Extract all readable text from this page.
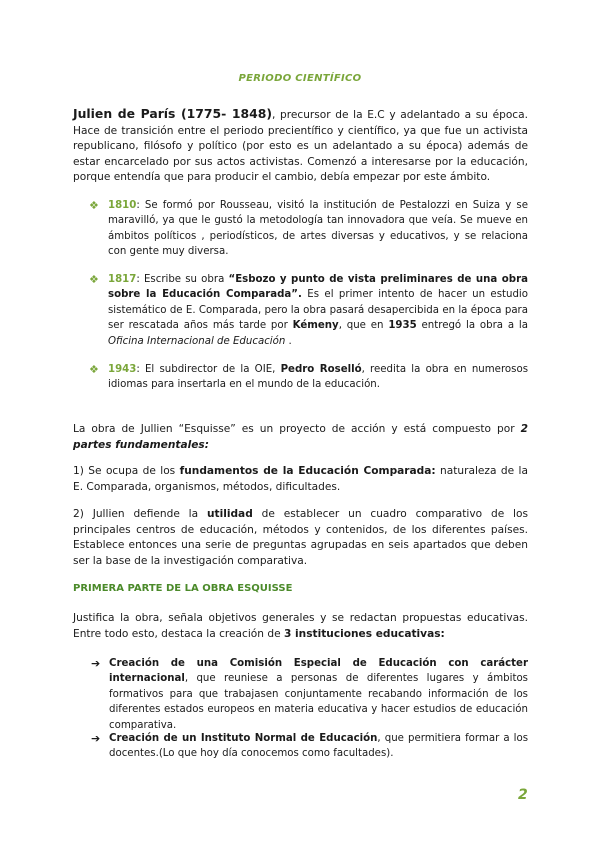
PERIODO CIENTÍFICO
Julien de París (1775- 1848), precursor de la E.C y adelantado a su época. Hace de transición entre el periodo precientífico y científico, ya que fue un activista republicano, filósofo y político (por esto es un adelantado a su época) además de estar encarcelado por sus actos activistas. Comenzó a interesarse por la educación, porque entendía que para producir el cambio, debía empezar por este ámbito.
❖ 1810: Se formó por Rousseau, visitó la institución de Pestalozzi en Suiza y se maravilló, ya que le gustó la metodología tan innovadora que veía. Se mueve en ámbitos políticos , periodísticos, de artes diversas y educativos, y se relaciona con gente muy diversa.
❖ 1817: Escribe su obra “Esbozo y punto de vista preliminares de una obra sobre la Educación Comparada”. Es el primer intento de hacer un estudio sistemático de E. Comparada, pero la obra pasará desapercibida en la época para ser rescatada años más tarde por Kémeny, que en 1935 entregó la obra a la Oficina Internacional de Educación .
❖ 1943: El subdirector de la OIE, Pedro Roselló, reedita la obra en numerosos idiomas para insertarla en el mundo de la educación.
La obra de Jullien “Esquisse” es un proyecto de acción y está compuesto por 2 partes fundamentales:
1) Se ocupa de los fundamentos de la Educación Comparada: naturaleza de la E. Comparada, organismos, métodos, dificultades.
2) Jullien defiende la utilidad de establecer un cuadro comparativo de los principales centros de educación, métodos y contenidos, de los diferentes países. Establece entonces una serie de preguntas agrupadas en seis apartados que deben ser la base de la investigación comparativa.
PRIMERA PARTE DE LA OBRA ESQUISSE
Justifica la obra, señala objetivos generales y se redactan propuestas educativas. Entre todo esto, destaca la creación de 3 instituciones educativas:
➔ Creación de una Comisión Especial de Educación con carácter internacional, que reuniese a personas de diferentes lugares y ámbitos formativos para que trabajasen conjuntamente recabando información de los diferentes estados europeos en materia educativa y hacer estudios de educación comparativa.
➔ Creación de un Instituto Normal de Educación, que permitiera formar a los docentes.(Lo que hoy día conocemos como facultades).
2
